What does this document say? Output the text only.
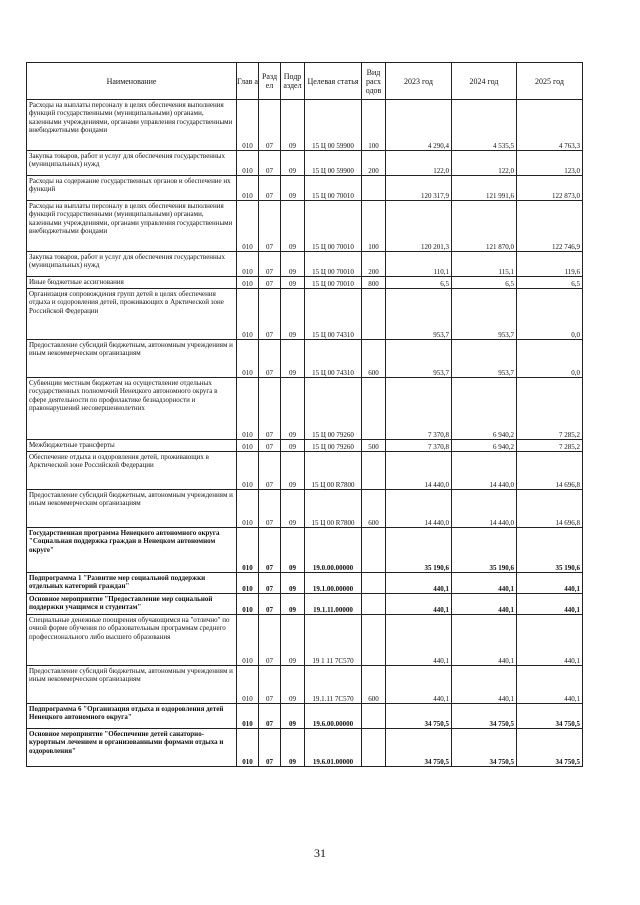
Наименование	Глав а	Разд ел	Подр аздел	Целевая статья	Вид расх одов	2023 год	2024 год	2025 год
Расходы на выплаты персоналу в целях обеспечения выполнения функций государственными (муниципальными) органами, казенными учреждениями, органами управления государственными внебюджетными фондами	010	07	09	15 Ц 00 59900	100	4 290,4	4 535,5	4 763,3
Закупка товаров, работ и услуг для обеспечения государственных (муниципальных) нужд	010	07	09	15 Ц 00 59900	200	122,0	122,0	123,0
Расходы на содержание государственных органов и обеспечение их функций	010	07	09	15 Ц 00 70010		120 317,9	121 991,6	122 873,0
Расходы на выплаты персоналу в целях обеспечения выполнения функций государственными (муниципальными) органами, казенными учреждениями, органами управления государственными внебюджетными фондами	010	07	09	15 Ц 00 70010	100	120 201,3	121 870,0	122 746,9
Закупка товаров, работ и услуг для обеспечения государственных (муниципальных) нужд	010	07	09	15 Ц 00 70010	200	110,1	115,1	119,6
Иные бюджетные ассигнования	010	07	09	15 Ц 00 70010	800	6,5	6,5	6,5
Организация сопровождения групп детей в целях обеспечения отдыха и оздоровления детей, проживающих в Арктической зоне Российской Федерации	010	07	09	15 Ц 00 74310		953,7	953,7	0,0
Предоставление субсидий бюджетным, автономным учреждениям и иным некоммерческим организациям	010	07	09	15 Ц 00 74310	600	953,7	953,7	0,0
Субвенции местным бюджетам на осуществление отдельных государственных полномочий Ненецкого автономного округа в сфере деятельности по профилактике безнадзорности и правонарушений несовершеннолетних	010	07	09	15 Ц 00 79260		7 370,8	6 940,2	7 285,2
Межбюджетные трансферты	010	07	09	15 Ц 00 79260	500	7 370,8	6 940,2	7 285,2
Обеспечение отдыха и оздоровления детей, проживающих в Арктической зоне Российской Федерации	010	07	09	15 Ц 00 R7800		14 440,0	14 440,0	14 696,8
Предоставление субсидий бюджетным, автономным учреждениям и иным некоммерческим организациям	010	07	09	15 Ц 00 R7800	600	14 440,0	14 440,0	14 696,8
Государственная программа Ненецкого автономного округа "Социальная поддержка граждан в Ненецком автономном округе"	010	07	09	19.0.00.00000		35 190,6	35 190,6	35 190,6
Подпрограмма 1 "Развитие мер социальной поддержки отдельных категорий граждан"	010	07	09	19.1.00.00000		440,1	440,1	440,1
Основное мероприятие "Предоставление мер социальной поддержки учащимся и студентам"	010	07	09	19.1.11.00000		440,1	440,1	440,1
Специальные денежные поощрения обучающимся на "отлично" по очной форме обучения по образовательным программам среднего профессионального либо высшего образования	010	07	09	19 1 11 7С570		440,1	440,1	440,1
Предоставление субсидий бюджетным, автономным учреждениям и иным некоммерческим организациям	010	07	09	19.1.11 7С570	600	440,1	440,1	440,1
Подпрограмма 6 "Организация отдыха и оздоровления детей Ненецкого автономного округа"	010	07	09	19.6.00.00000		34 750,5	34 750,5	34 750,5
Основное мероприятие "Обеспечение детей санаторно-курортным лечением и организованными формами отдыха и оздоровления"	010	07	09	19.6.01.00000		34 750,5	34 750,5	34 750,5
31
